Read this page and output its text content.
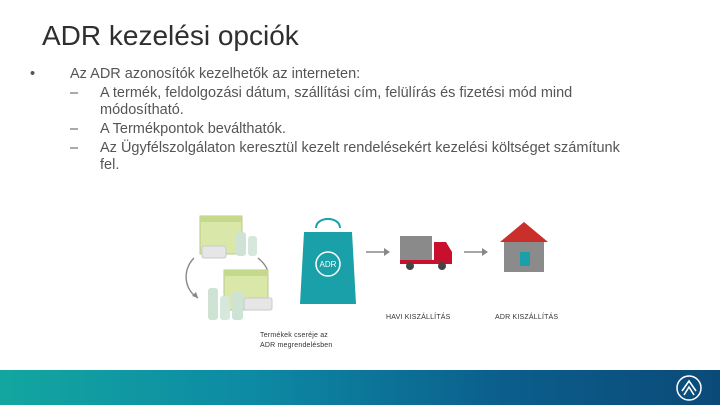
ADR kezelési opciók
• Az ADR azonosítók kezelhetők az interneten:
– A termék, feldolgozási dátum, szállítási cím, felülírás és fizetési mód mind
módosítható.
– A Termékpontok beválthatók.
– Az Ügyfélszolgálaton keresztül kezelt rendelésekért kezelési költséget számítunk
fel.
ADR
HAVI KISZÁLLÍTÁS	ADR KISZÁLLÍTÁS
Termékek cseréje az
ADR megrendelésben
